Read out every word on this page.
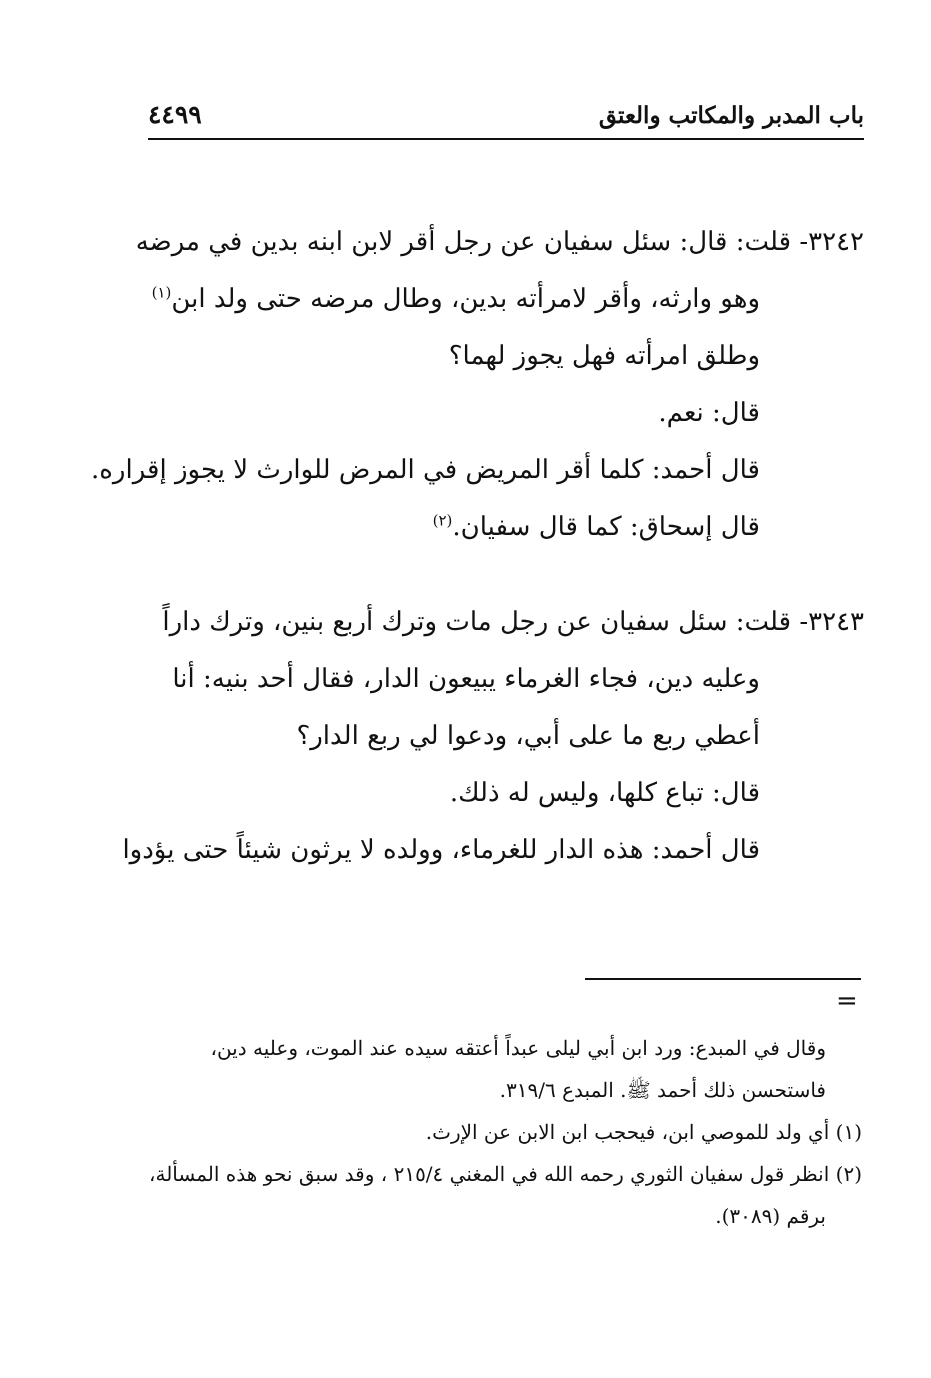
باب المدبر والمكاتب والعتق
٤٤٩٩
٣٢٤٢- قلت: قال: سئل سفيان عن رجل أقر لابن ابنه بدين في مرضه
وهو وارثه، وأقر لامرأته بدين، وطال مرضه حتى ولد ابن$^{(١)}$
وطلق امرأته فهل يجوز لهما؟
قال: نعم.
قال أحمد: كلما أقر المريض في المرض للوارث لا يجوز إقراره.
قال إسحاق: كما قال سفيان.$^{(٢)}$
٣٢٤٣- قلت: سئل سفيان عن رجل مات وترك أربع بنين، وترك داراً
وعليه دين، فجاء الغرماء يبيعون الدار، فقال أحد بنيه: أنا
أعطي ربع ما على أبي، ودعوا لي ربع الدار؟
قال: تباع كلها، وليس له ذلك.
قال أحمد: هذه الدار للغرماء، وولده لا يرثون شيئاً حتى يؤدوا
=
وقال في المبدع: ورد ابن أبي ليلى عبداً أعتقه سيده عند الموت، وعليه دين،
فاستحسن ذلك أحمد ﷺ. المبدع ٣١٩/٦.
(١) أي ولد للموصي ابن، فيحجب ابن الابن عن الإرث.
(٢) انظر قول سفيان الثوري رحمه الله في المغني ٢١٥/٤ ، وقد سبق نحو هذه المسألة،
برقم (٣٠٨٩).
